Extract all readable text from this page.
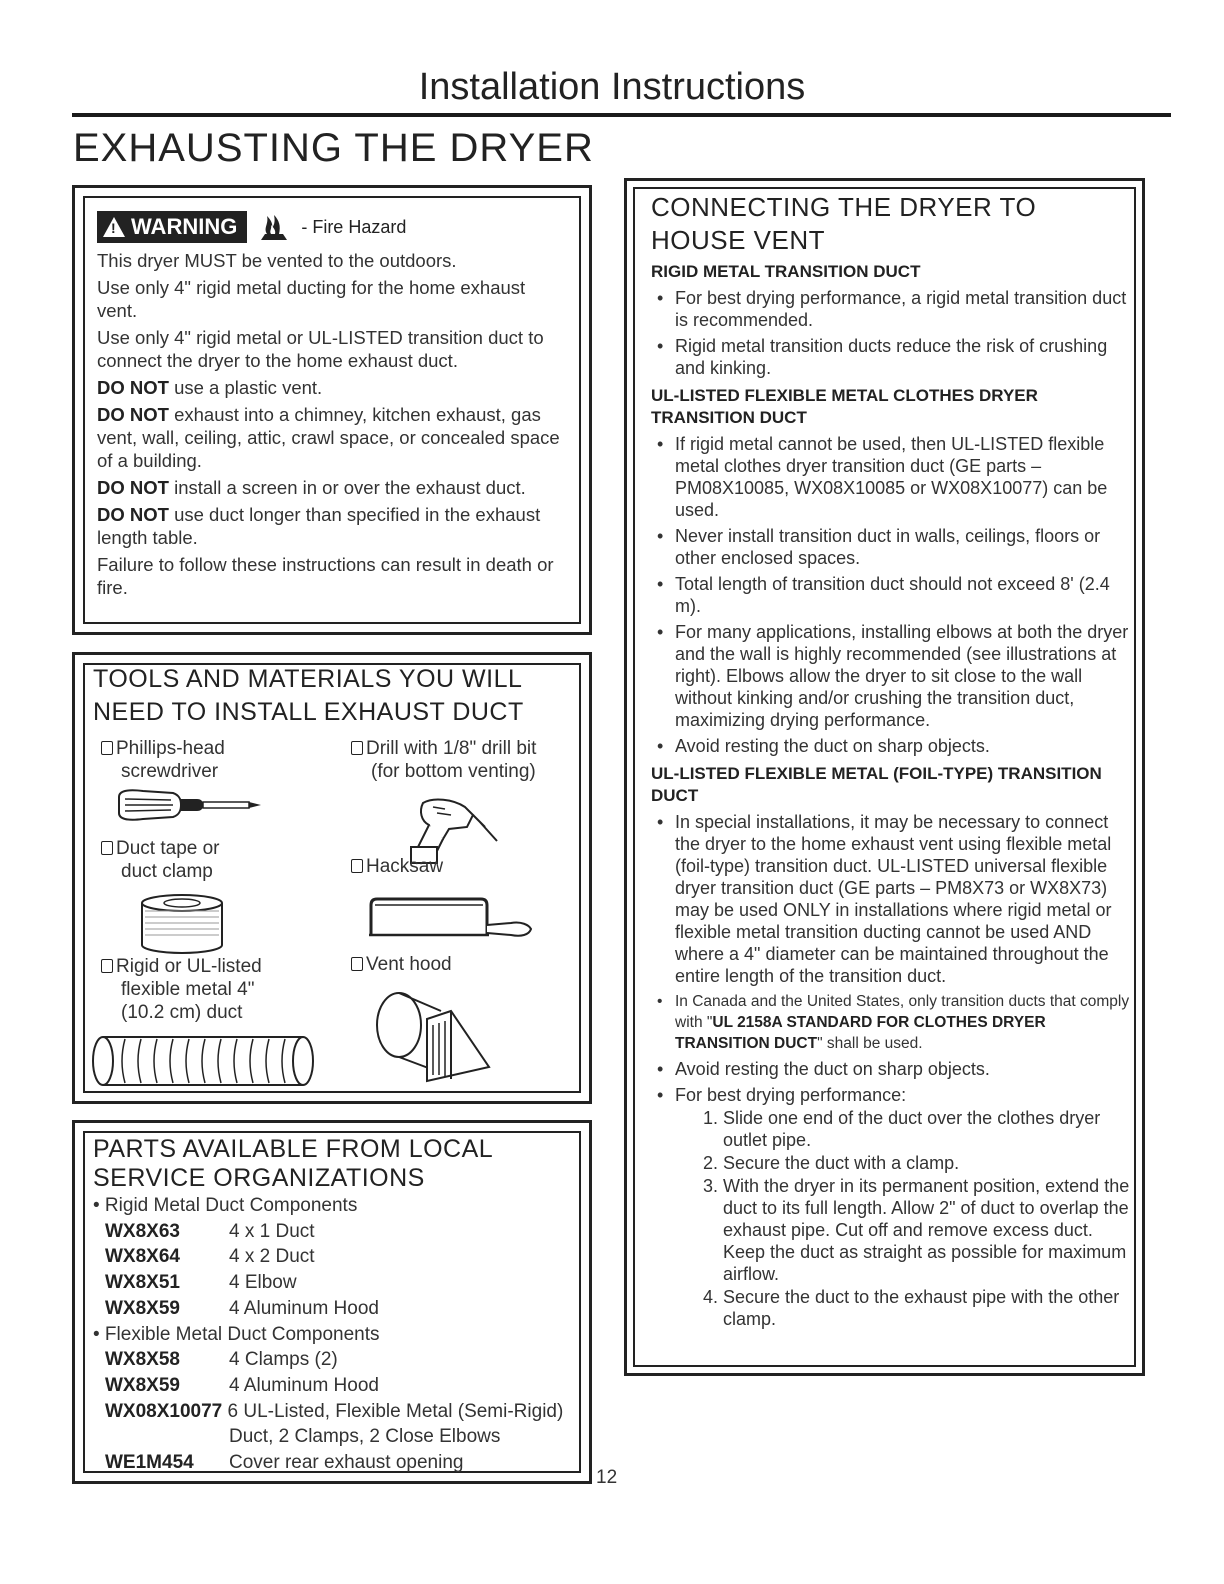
Installation Instructions
EXHAUSTING THE DRYER
!
WARNING	- Fire Hazard
This dryer MUST be vented to the outdoors.
Use only 4" rigid metal ducting for the home exhaust vent.
Use only 4" rigid metal or UL-LISTED transition duct to connect the dryer to the home exhaust duct.
DO NOT use a plastic vent.
DO NOT exhaust into a chimney, kitchen exhaust, gas vent, wall, ceiling, attic, crawl space, or concealed space of a building.
DO NOT install a screen in or over the exhaust duct.
DO NOT use duct longer than specified in the exhaust length table.
Failure to follow these instructions can result in death or fire.
TOOLS AND MATERIALS YOU WILL NEED TO INSTALL EXHAUST DUCT
Phillips-head
screwdriver
Drill with 1/8" drill bit
(for bottom venting)
Duct tape or
duct clamp	Hacksaw
Rigid or UL-listed
flexible metal 4"
(10.2 cm) duct
Vent hood
PARTS AVAILABLE FROM LOCAL
SERVICE ORGANIZATIONS
• Rigid Metal Duct Components
WX8X63	4 x 1 Duct
WX8X64	4 x 2 Duct
WX8X51	4 Elbow
WX8X59	4 Aluminum Hood
• Flexible Metal Duct Components
WX8X58	4 Clamps (2)
WX8X59	4 Aluminum Hood
WX08X10077 6 UL-Listed, Flexible Metal (Semi-Rigid)
Duct, 2 Clamps, 2 Close Elbows
WE1M454	Cover rear exhaust opening
12
CONNECTING THE DRYER TO HOUSE VENT
RIGID METAL TRANSITION DUCT
• For best drying performance, a rigid metal transition duct is recommended.
• Rigid metal transition ducts reduce the risk of crushing and kinking.
UL-LISTED FLEXIBLE METAL CLOTHES DRYER TRANSITION DUCT
• If rigid metal cannot be used, then UL-LISTED flexible metal clothes dryer transition duct (GE parts – PM08X10085, WX08X10085 or WX08X10077) can be used.
• Never install transition duct in walls, ceilings, floors or other enclosed spaces.
• Total length of transition duct should not exceed 8' (2.4 m).
• For many applications, installing elbows at both the dryer and the wall is highly recommended (see illustrations at right). Elbows allow the dryer to sit close to the wall without kinking and/or crushing the transition duct, maximizing drying performance.
• Avoid resting the duct on sharp objects.
UL-LISTED FLEXIBLE METAL (FOIL-TYPE) TRANSITION DUCT
• In special installations, it may be necessary to connect the dryer to the home exhaust vent using flexible metal (foil-type) transition duct. UL-LISTED universal flexible dryer transition duct (GE parts – PM8X73 or WX8X73) may be used ONLY in installations where rigid metal or flexible metal transition ducting cannot be used AND where a 4" diameter can be maintained throughout the entire length of the transition duct.
• In Canada and the United States, only transition ducts that comply with "UL 2158A STANDARD FOR CLOTHES DRYER TRANSITION DUCT" shall be used.
• Avoid resting the duct on sharp objects.
• For best drying performance:
1. Slide one end of the duct over the clothes dryer outlet pipe.
2. Secure the duct with a clamp.
3. With the dryer in its permanent position, extend the duct to its full length. Allow 2" of duct to overlap the exhaust pipe. Cut off and remove excess duct. Keep the duct as straight as possible for maximum airflow.
4. Secure the duct to the exhaust pipe with the other clamp.
